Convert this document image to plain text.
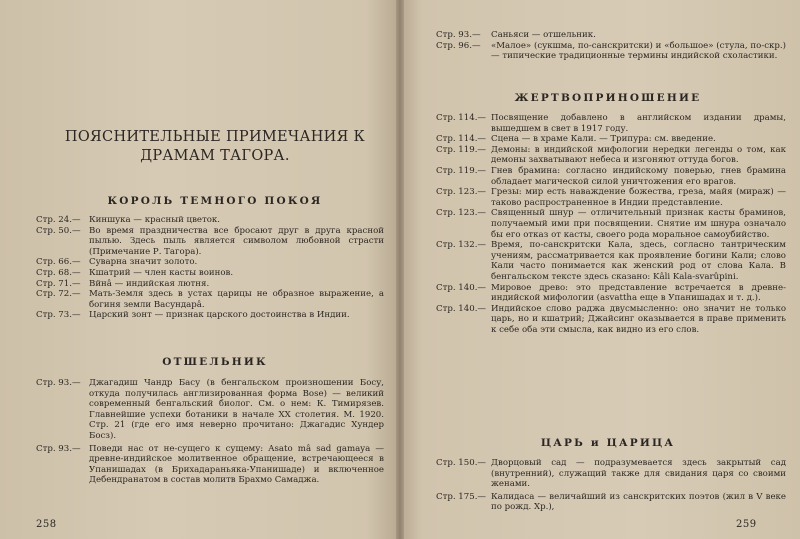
ПОЯСНИТЕЛЬНЫЕ ПРИМЕЧАНИЯ К ДРАМАМ ТАГОРА.
КОРОЛЬ ТЕМНОГО ПОКОЯ
Стр. 24.— Киншука — красный цветок.
Стр. 50.— Во время праздничества все бросают друг в друга красной пылью. Здесь пыль является символом любовной страсти (Примечание Р. Тагора).
Стр. 66.— Суварна значит золото.
Стр. 68.— Кшатрий — член касты воинов.
Стр. 71.— Вйнâ — индийская лютня.
Стр. 72.— Мать-Земля здесь в устах царицы не образное выражение, а богиня земли Васундарâ.
Стр. 73.— Царский зонт — признак царского достоинства в Индии.
ОТШЕЛЬНИК
Стр. 93.— Джагадиш Чандр Басу (в бенгальском произношении Боcу, откуда получилась англизированная форма Bose) — великий современный бенгальский биолог. См. о нем: К. Тимирязев. Главнейшие успехи ботаники в начале XX столетия. М. 1920. Стр. 21 (где его имя неверно прочитано: Джагадис Хундер Боcз).
Стр. 93.— Поведи нас от не-сущего к сущему: Asato mâ sad gamaya — древне-индийское молитвенное обращение, встречающееся в Упанишадах (в Брихадараньяка-Упанишаде) и включенное Дебендранатом в состав молитв Брахмо Самаджа.
258
Стр. 93.—	Саньяси — отшельник.
Стр. 96.—	«Малое» (сукшма, по-санскритски) и «большое» (стула, по-скр.) — типические традиционные термины индийской схоластики.
ЖЕРТВОПРИНОШЕНИЕ
Стр. 114.— Посвящение добавлено в английском издании драмы, вышедшем в свет в 1917 году.
Стр. 114.— Сцена — в храме Кали. — Трипура: см. введение.
Стр. 119.— Демоны: в индийской мифологии нередки легенды о том, как демоны захватывают небеса и изгоняют оттуда богов.
Стр. 119.— Гнев брамина: согласно индийскому поверью, гнев брамина обладает магической силой уничтожения его врагов.
Стр. 123.— Грезы: мир есть наваждение божества, греза, майя (мираж) — таково распространенное в Индии представление.
Стр. 123.— Священный шнур — отличительный признак касты браминов, получаемый ими при посвящении. Снятие им шнура означало бы его отказ от касты, своего рода моральное самоубийство.
Стр. 132.— Время, по-санскритски Кала, здесь, согласно тантрическим учениям, рассматривается как проявление богини Кали; слово Кали часто понимается как женский род от слова Кала. В бенгальском тексте здесь сказано: Kâli Kala-svarûpini.
Стр. 140.— Мировое древо: это представление встречается в древне-индийской мифологии (asvattha еще в Упанишадах и т. д.).
Стр. 140.— Индийское слово раджа двусмысленно: оно значит не только царь, но и кшатрий; Джайсинг оказывается в праве применить к себе оба эти смысла, как видно из его слов.
ЦАРЬ и ЦАРИЦА
Стр. 150.— Дворцовый сад — подразумевается здесь закрытый сад (внутренний), служащий также для свидания царя со своими женами.
Стр. 175.— Калидаса — величайший из санскритских поэтов (жил в V веке по рожд. Хр.),
259
